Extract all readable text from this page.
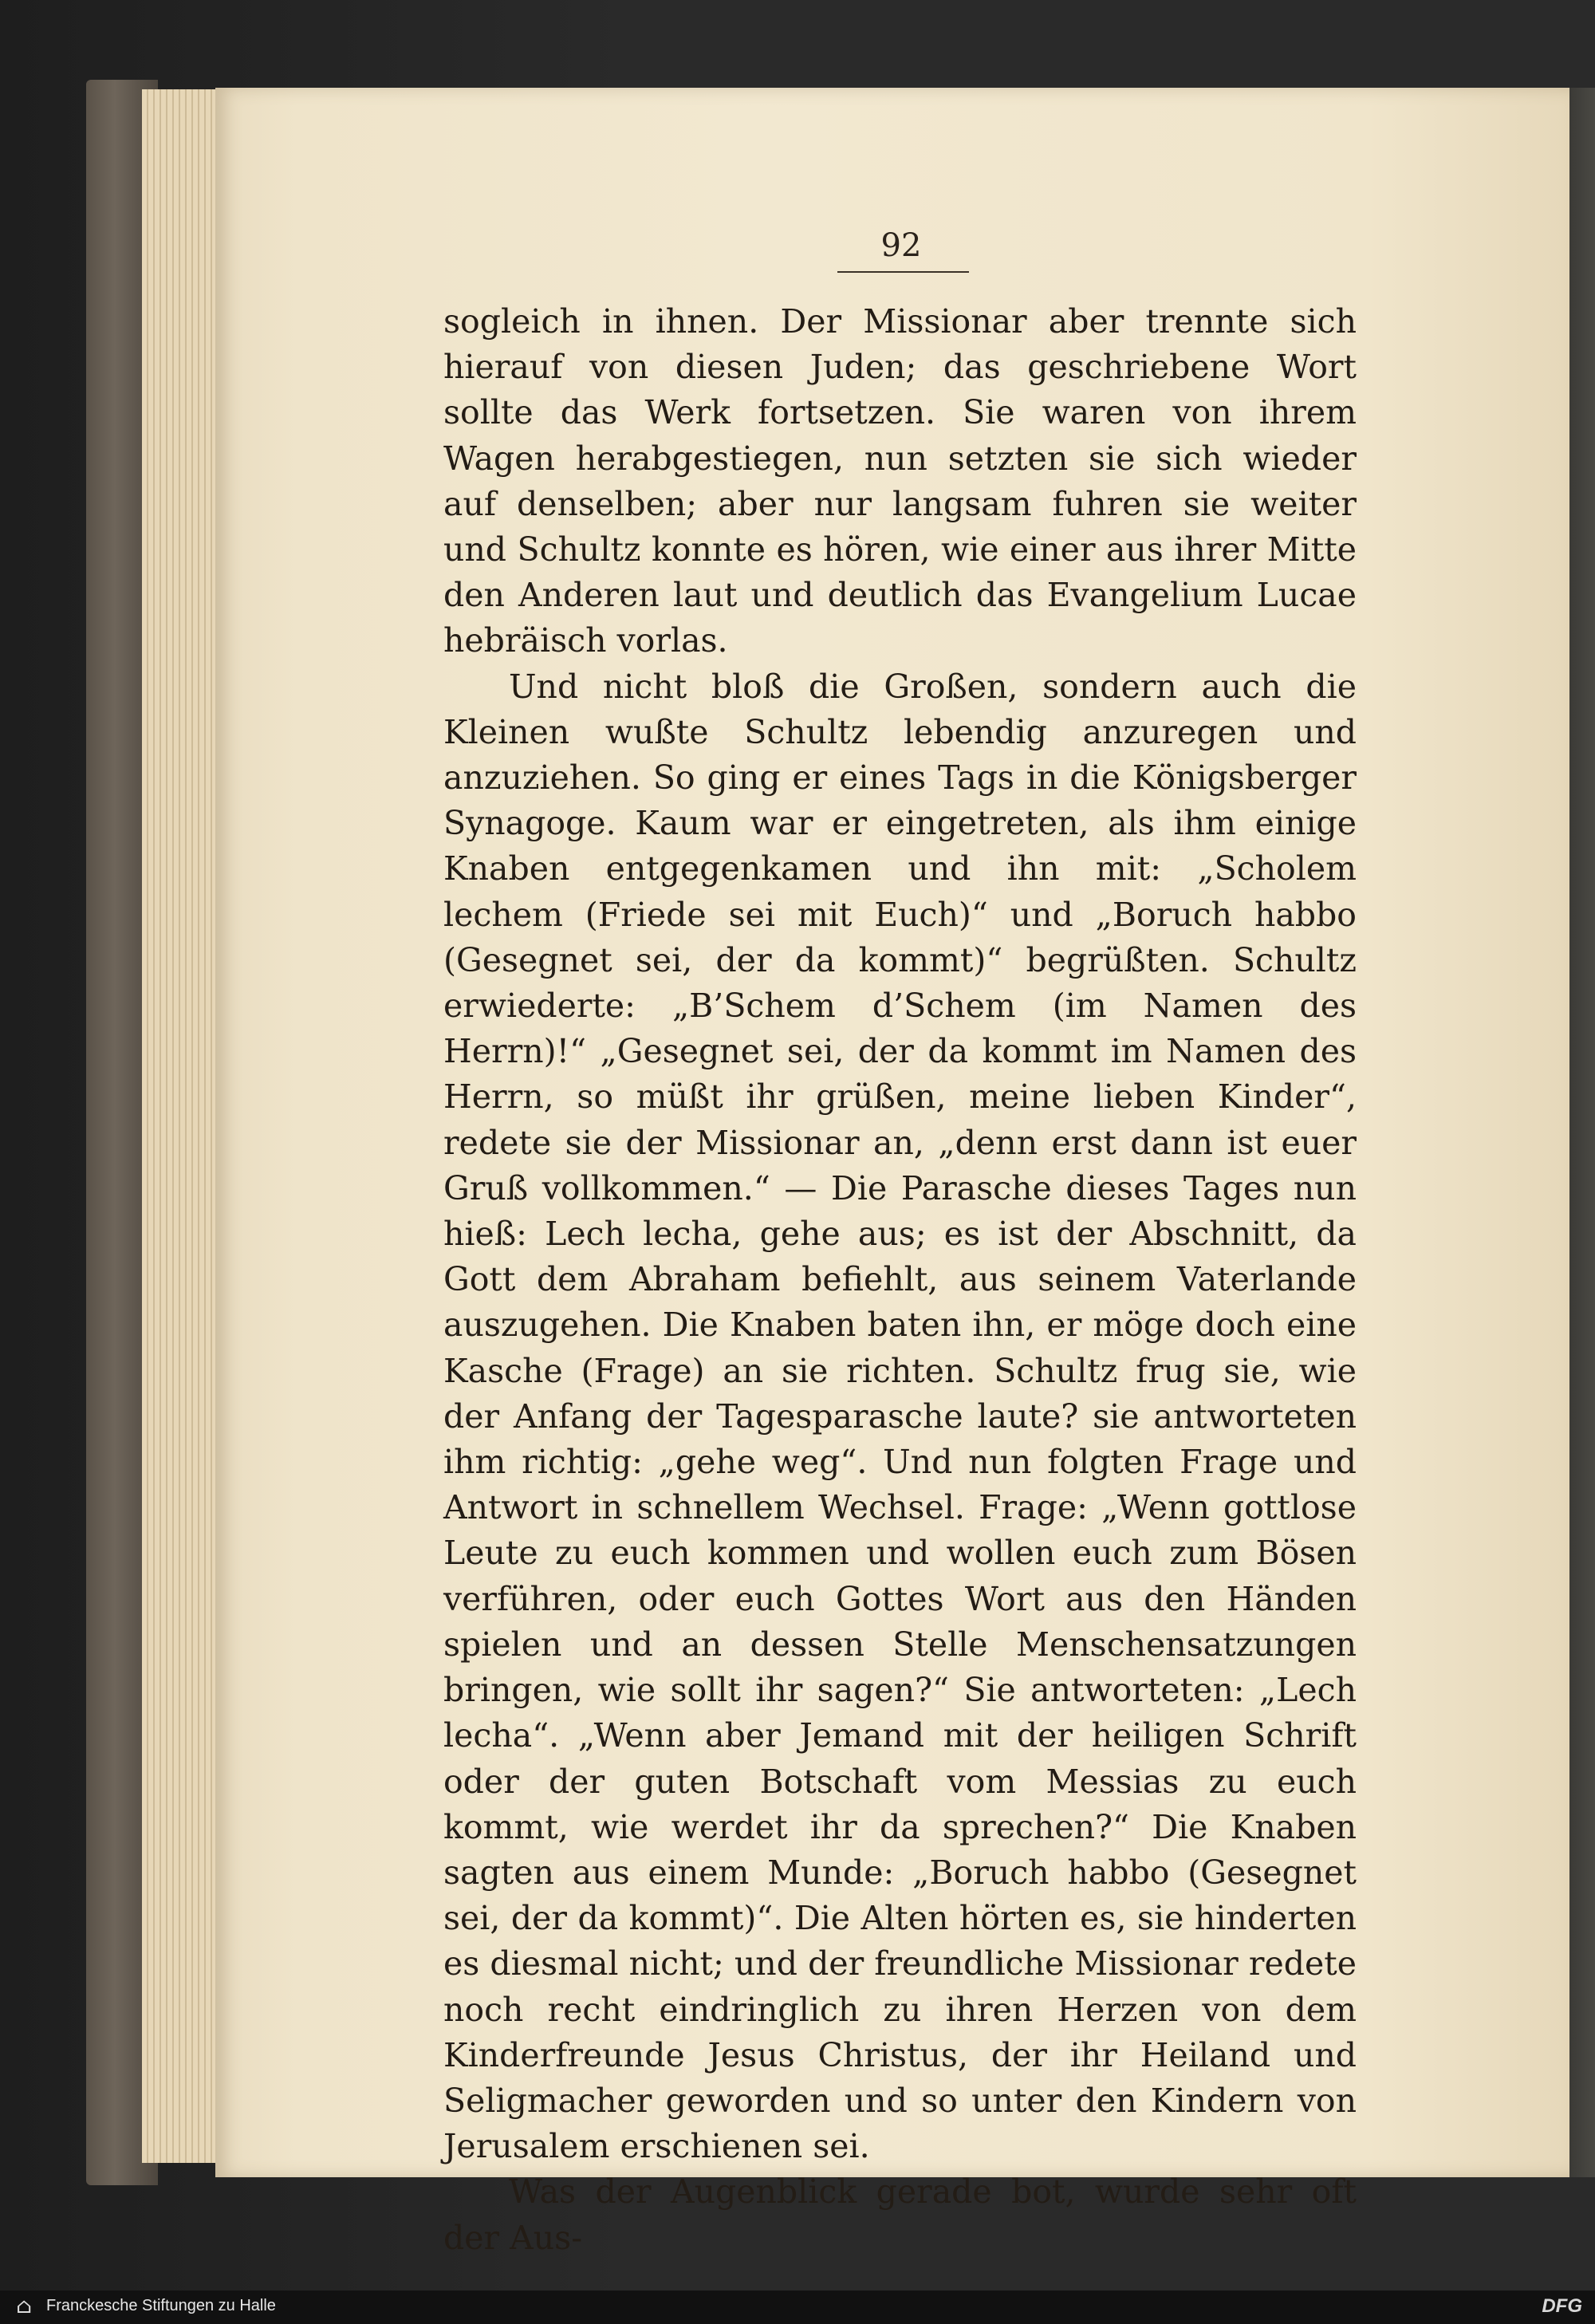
92

sogleich in ihnen. Der Missionar aber trennte sich hierauf von diesen Juden; das geschriebene Wort sollte das Werk fortsetzen. Sie waren von ihrem Wagen herabgestiegen, nun setzten sie sich wieder auf denselben; aber nur langsam fuhren sie weiter und Schultz konnte es hören, wie einer aus ihrer Mitte den Anderen laut und deutlich das Evangelium Lucae hebräisch vorlas.

Und nicht bloß die Großen, sondern auch die Kleinen wußte Schultz lebendig anzuregen und anzuziehen. So ging er eines Tags in die Königsberger Synagoge. Kaum war er eingetreten, als ihm einige Knaben entgegenkamen und ihn mit: „Scholem lechem (Friede sei mit Euch)“ und „Boruch habbo (Gesegnet sei, der da kommt)“ begrüßten. Schultz erwiederte: „B’Schem d’Schem (im Namen des Herrn)!“ „Gesegnet sei, der da kommt im Namen des Herrn, so müßt ihr grüßen, meine lieben Kinder“, redete sie der Missionar an, „denn erst dann ist euer Gruß vollkommen.“ — Die Parasche dieses Tages nun hieß: Lech lecha, gehe aus; es ist der Abschnitt, da Gott dem Abraham befiehlt, aus seinem Vaterlande auszugehen. Die Knaben baten ihn, er möge doch eine Kasche (Frage) an sie richten. Schultz frug sie, wie der Anfang der Tagesparasche laute? sie antworteten ihm richtig: „gehe weg“. Und nun folgten Frage und Antwort in schnellem Wechsel. Frage: „Wenn gottlose Leute zu euch kommen und wollen euch zum Bösen verführen, oder euch Gottes Wort aus den Händen spielen und an dessen Stelle Menschensatzungen bringen, wie sollt ihr sagen?“ Sie antworteten: „Lech lecha“. „Wenn aber Jemand mit der heiligen Schrift oder der guten Botschaft vom Messias zu euch kommt, wie werdet ihr da sprechen?“ Die Knaben sagten aus einem Munde: „Boruch habbo (Gesegnet sei, der da kommt)“. Die Alten hörten es, sie hinderten es diesmal nicht; und der freundliche Missionar redete noch recht eindringlich zu ihren Herzen von dem Kinderfreunde Jesus Christus, der ihr Heiland und Seligmacher geworden und so unter den Kindern von Jerusalem erschienen sei.

Was der Augenblick gerade bot, wurde sehr oft der Aus-

⌂ Franckesche Stiftungen zu Halle	DFG
